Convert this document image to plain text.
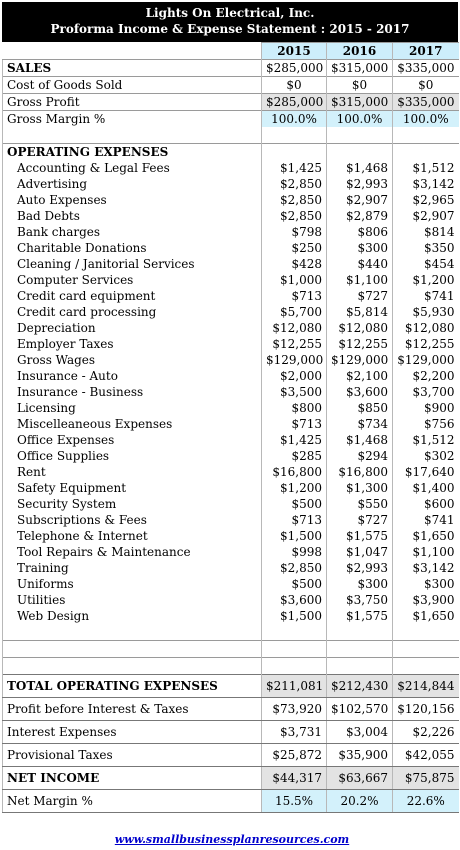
Lights On Electrical, Inc.
Proforma Income & Expense Statement : 2015 - 2017
	2015	2016	2017
SALES	$285,000	$315,000	$335,000
Cost of Goods Sold	$0	$0	$0
Gross Profit	$285,000	$315,000	$335,000
Gross Margin %	100.0%	100.0%	100.0%

OPERATING EXPENSES			
Accounting & Legal Fees	$1,425	$1,468	$1,512
Advertising	$2,850	$2,993	$3,142
Auto Expenses	$2,850	$2,907	$2,965
Bad Debts	$2,850	$2,879	$2,907
Bank charges	$798	$806	$814
Charitable Donations	$250	$300	$350
Cleaning / Janitorial Services	$428	$440	$454
Computer Services	$1,000	$1,100	$1,200
Credit card equipment	$713	$727	$741
Credit card processing	$5,700	$5,814	$5,930
Depreciation	$12,080	$12,080	$12,080
Employer Taxes	$12,255	$12,255	$12,255
Gross Wages	$129,000	$129,000	$129,000
Insurance - Auto	$2,000	$2,100	$2,200
Insurance - Business	$3,500	$3,600	$3,700
Licensing	$800	$850	$900
Miscelleaneous Expenses	$713	$734	$756
Office Expenses	$1,425	$1,468	$1,512
Office Supplies	$285	$294	$302
Rent	$16,800	$16,800	$17,640
Safety Equipment	$1,200	$1,300	$1,400
Security System	$500	$550	$600
Subscriptions & Fees	$713	$727	$741
Telephone & Internet	$1,500	$1,575	$1,650
Tool Repairs & Maintenance	$998	$1,047	$1,100
Training	$2,850	$2,993	$3,142
Uniforms	$500	$300	$300
Utilities	$3,600	$3,750	$3,900
Web Design	$1,500	$1,575	$1,650

TOTAL OPERATING EXPENSES	$211,081	$212,430	$214,844
Profit before Interest & Taxes	$73,920	$102,570	$120,156
Interest Expenses	$3,731	$3,004	$2,226
Provisional Taxes	$25,872	$35,900	$42,055
NET INCOME	$44,317	$63,667	$75,875
Net Margin %	15.5%	20.2%	22.6%
www.smallbusinessplanresources.com
